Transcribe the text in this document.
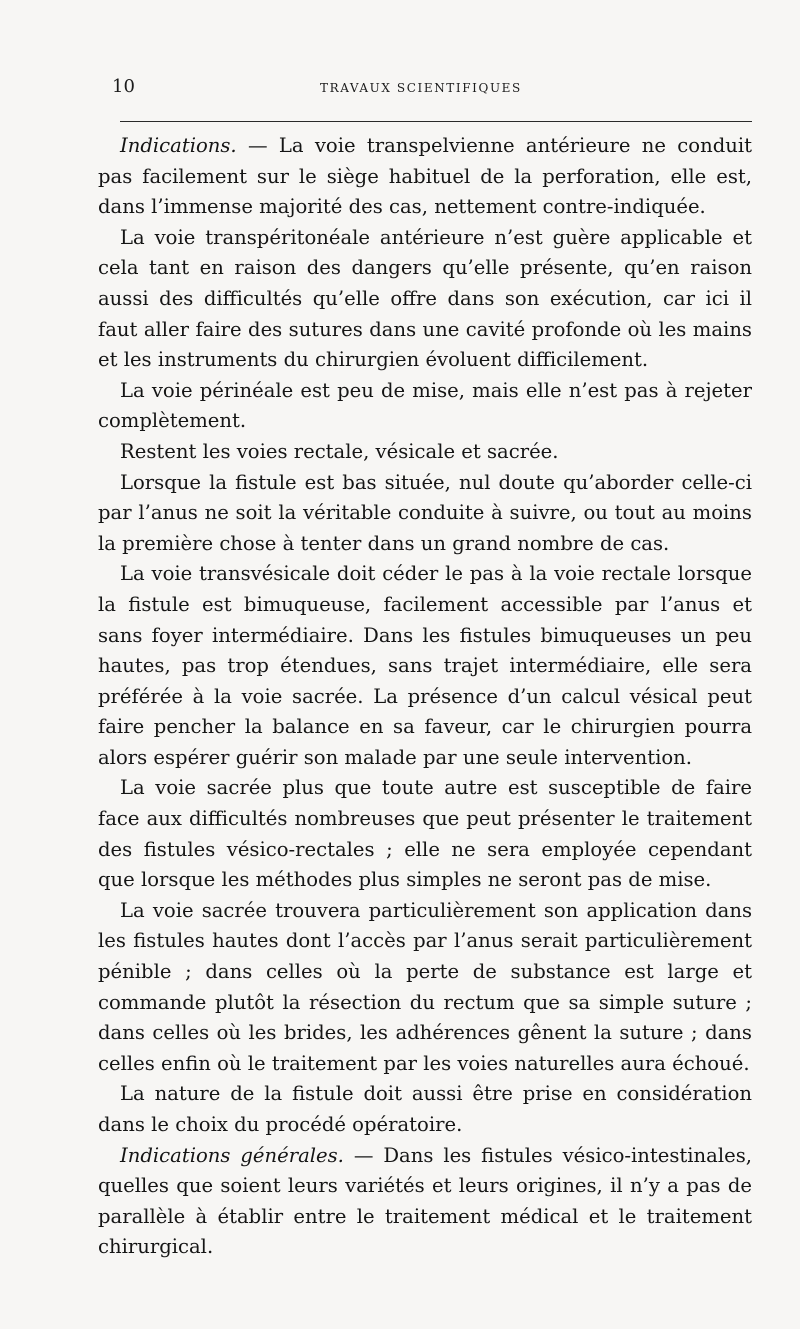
10	TRAVAUX SCIENTIFIQUES

Indications. — La voie transpelvienne antérieure ne conduit pas facilement sur le siège habituel de la perforation, elle est, dans l’immense majorité des cas, nettement contre-indiquée.

La voie transpéritonéale antérieure n’est guère applicable et cela tant en raison des dangers qu’elle présente, qu’en raison aussi des difficultés qu’elle offre dans son exécution, car ici il faut aller faire des sutures dans une cavité profonde où les mains et les instruments du chirurgien évoluent difficilement.

La voie périnéale est peu de mise, mais elle n’est pas à rejeter complètement.

Restent les voies rectale, vésicale et sacrée.

Lorsque la fistule est bas située, nul doute qu’aborder celle-ci par l’anus ne soit la véritable conduite à suivre, ou tout au moins la première chose à tenter dans un grand nombre de cas.

La voie transvésicale doit céder le pas à la voie rectale lorsque la fistule est bimuqueuse, facilement accessible par l’anus et sans foyer intermédiaire. Dans les fistules bimuqueuses un peu hautes, pas trop étendues, sans trajet intermédiaire, elle sera préférée à la voie sacrée. La présence d’un calcul vésical peut faire pencher la balance en sa faveur, car le chirurgien pourra alors espérer guérir son malade par une seule intervention.

La voie sacrée plus que toute autre est susceptible de faire face aux difficultés nombreuses que peut présenter le traitement des fistules vésico-rectales ; elle ne sera employée cependant que lorsque les méthodes plus simples ne seront pas de mise.

La voie sacrée trouvera particulièrement son application dans les fistules hautes dont l’accès par l’anus serait particulièrement pénible ; dans celles où la perte de substance est large et commande plutôt la résection du rectum que sa simple suture ; dans celles où les brides, les adhérences gênent la suture ; dans celles enfin où le traitement par les voies naturelles aura échoué.

La nature de la fistule doit aussi être prise en considération dans le choix du procédé opératoire.

Indications générales. — Dans les fistules vésico-intestinales, quelles que soient leurs variétés et leurs origines, il n’y a pas de parallèle à établir entre le traitement médical et le traitement chirurgical.
